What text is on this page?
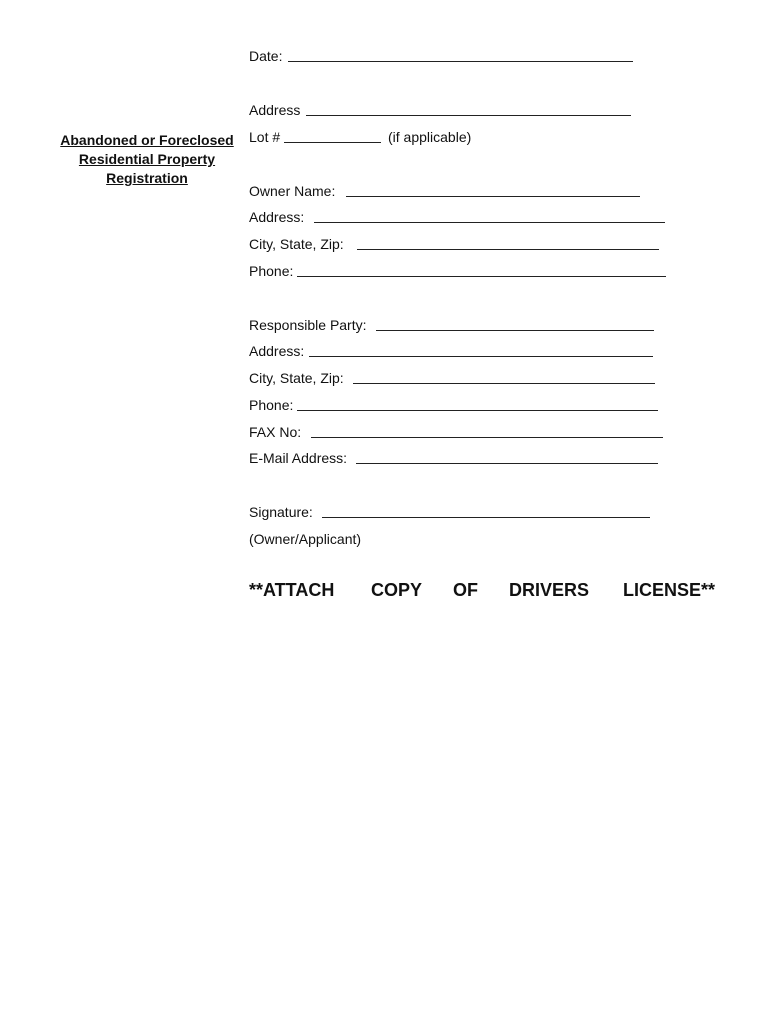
Abandoned or Foreclosed
Residential Property
Registration
Date:
Address
Lot #	(if applicable)
Owner Name:
Address:
City, State, Zip:
Phone:
Responsible Party:
Address:
City, State, Zip:
Phone:
FAX No:
E-Mail Address:
Signature:
(Owner/Applicant)
**ATTACH COPY OF DRIVERS LICENSE**
